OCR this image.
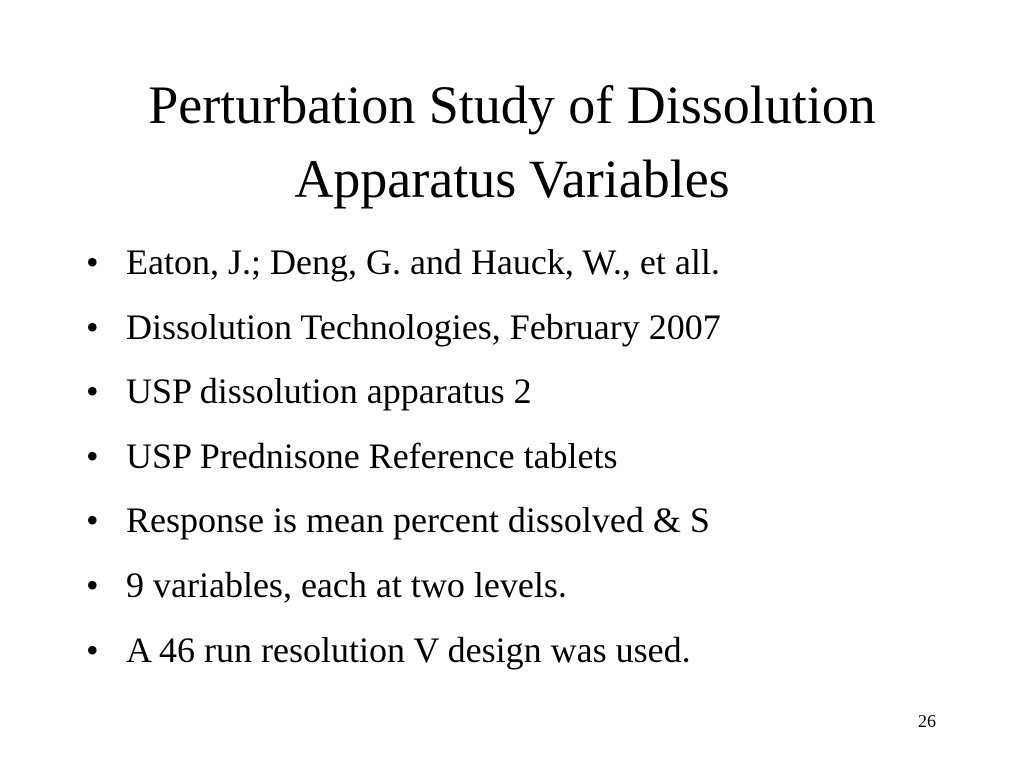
Perturbation Study of Dissolution
Apparatus Variables
• Eaton, J.; Deng, G. and Hauck, W., et all.
• Dissolution Technologies, February 2007
• USP dissolution apparatus 2
• USP Prednisone Reference tablets
• Response is mean percent dissolved & S
• 9 variables, each at two levels.
• A 46 run resolution V design was used.
26
